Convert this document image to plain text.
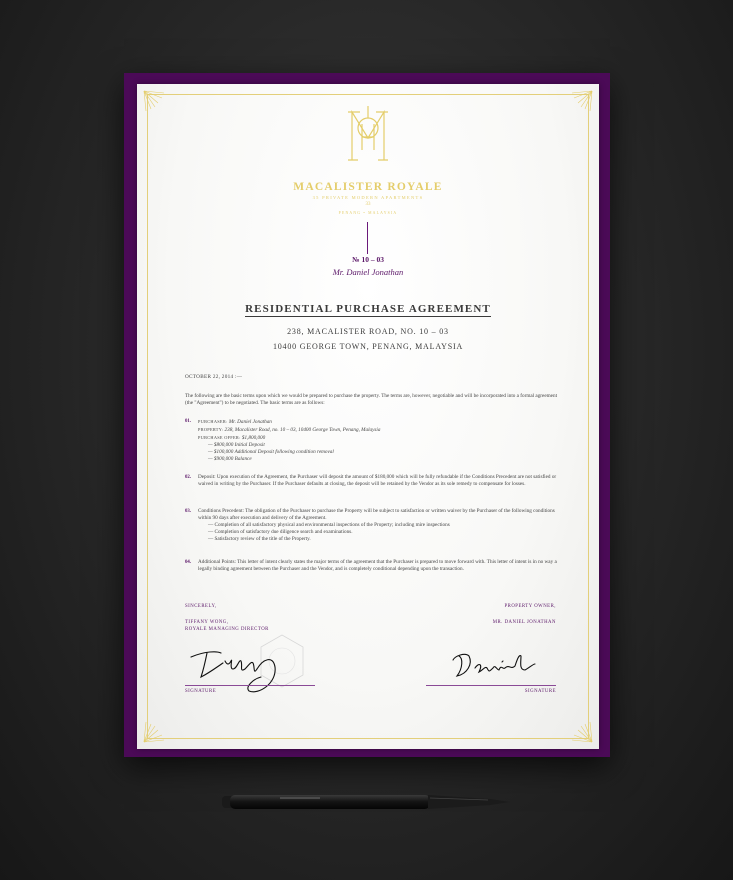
MACALISTER ROYALE
35 PRIVATE MODERN APARTMENTS
33
PENANG • MALAYSIA
№ 10 – 03
Mr. Daniel Jonathan
RESIDENTIAL PURCHASE AGREEMENT
238, MACALISTER ROAD, NO. 10 – 03
10400 GEORGE TOWN, PENANG, MALAYSIA
OCTOBER 22, 2014 :—
The following are the basic terms upon which we would be prepared to purchase the property. The terms are, however, negotiable and will be incorporated into a formal agreement (the "Agreement") to be negotiated. The basic terms are as follows:
01. PURCHASER: Mr. Daniel Jonathan
PROPERTY: 238, Macalister Road, no. 10 – 03, 10400 George Town, Penang, Malaysia
PURCHASE OFFER: $1,800,000
— $800,000 Initial Deposit
— $100,000 Additional Deposit following condition removal
— $900,000 Balance
02. Deposit: Upon execution of the Agreement, the Purchaser will deposit the amount of $180,000 which will be fully refundable if the Conditions Precedent are not satisfied or waived in writing by the Purchaser. If the Purchaser defaults at closing, the deposit will be retained by the Vendor as its sole remedy to compensate for losses.
03. Conditions Precedent: The obligation of the Purchaser to purchase the Property will be subject to satisfaction or written waiver by the Purchaser of the following conditions within 90 days after execution and delivery of the Agreement.
— Completion of all satisfactory physical and environmental inspections of the Property; including mire inspections
— Completion of satisfactory due diligence search and examinations.
— Satisfactory review of the title of the Property.
04. Additional Points: This letter of intent clearly states the major terms of the agreement that the Purchaser is prepared to move forward with. This letter of intent is in no way a legally binding agreement between the Purchaser and the Vendor, and is completely conditional depending upon the transaction.
SINCERELY,	PROPERTY OWNER,
TIFFANY WONG,
ROYALE MANAGING DIRECTOR
MR. DANIEL JONATHAN
SIGNATURE	SIGNATURE
